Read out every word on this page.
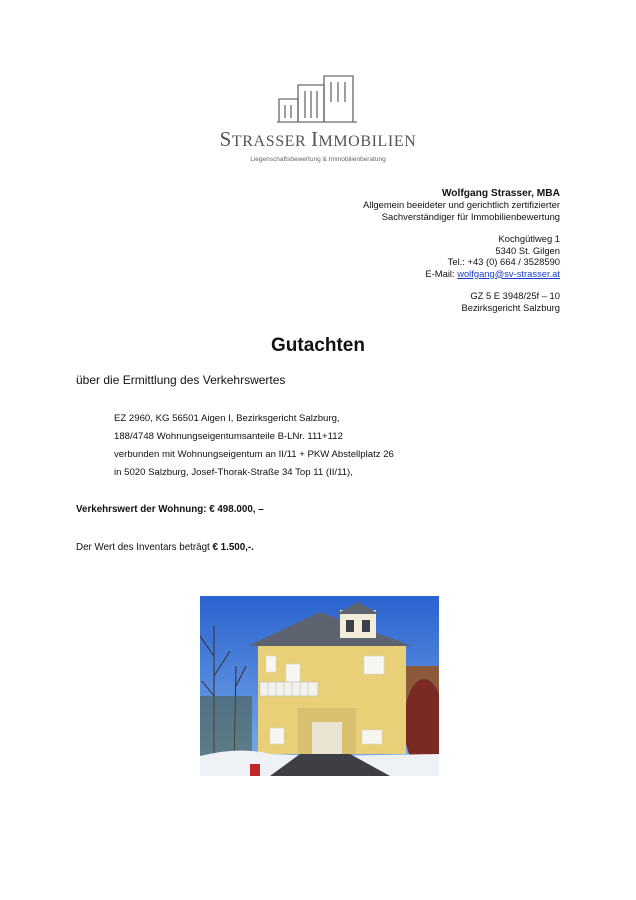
STRASSER IMMOBILIEN
Liegenschaftsbewertung & Immobilienberatung
Wolfgang Strasser, MBA
Allgemein beeideter und gerichtlich zertifizierter
Sachverständiger für Immobilienbewertung
Kochgütlweg 1
5340 St. Gilgen
Tel.: +43 (0) 664 / 3528590
E-Mail: wolfgang@sv-strasser.at
GZ 5 E 3948/25f – 10
Bezirksgericht Salzburg
Gutachten
über die Ermittlung des Verkehrswertes
EZ 2960, KG 56501 Aigen I, Bezirksgericht Salzburg,
188/4748 Wohnungseigentumsanteile B-LNr. 111+112
verbunden mit Wohnungseigentum an II/11 + PKW Abstellplatz 26
in 5020 Salzburg, Josef-Thorak-Straße 34 Top 11 (II/11),
Verkehrswert der Wohnung: € 498.000, –
Der Wert des Inventars beträgt € 1.500,-.
